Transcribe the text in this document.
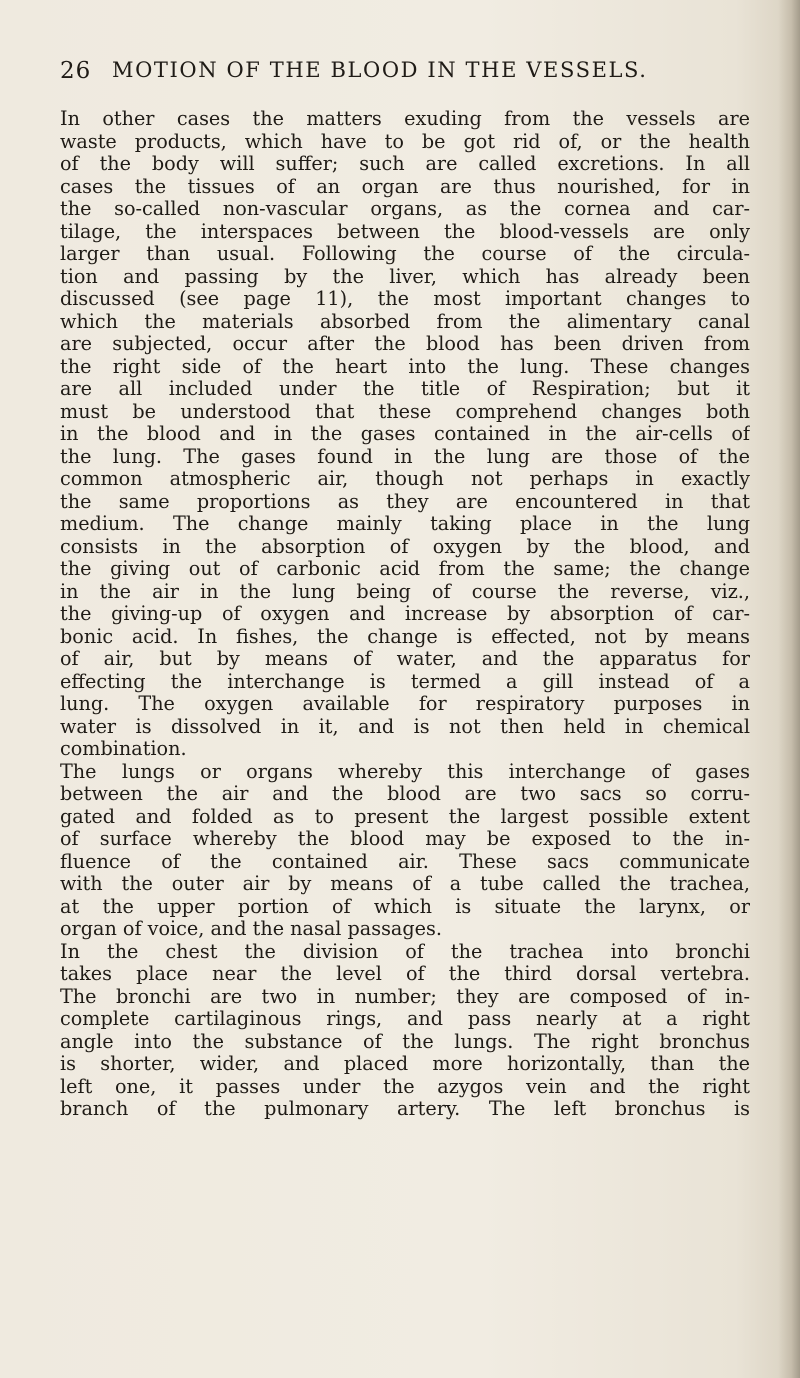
26 MOTION OF THE BLOOD IN THE VESSELS.
In other cases the matters exuding from the vessels are
waste products, which have to be got rid of, or the health
of the body will suffer; such are called excretions. In all
cases the tissues of an organ are thus nourished, for in
the so-called non-vascular organs, as the cornea and car-
tilage, the interspaces between the blood-vessels are only
larger than usual. Following the course of the circula-
tion and passing by the liver, which has already been
discussed (see page 11), the most important changes to
which the materials absorbed from the alimentary canal
are subjected, occur after the blood has been driven from
the right side of the heart into the lung. These changes
are all included under the title of Respiration; but it
must be understood that these comprehend changes both
in the blood and in the gases contained in the air-cells of
the lung. The gases found in the lung are those of the
common atmospheric air, though not perhaps in exactly
the same proportions as they are encountered in that
medium. The change mainly taking place in the lung
consists in the absorption of oxygen by the blood, and
the giving out of carbonic acid from the same; the change
in the air in the lung being of course the reverse, viz.,
the giving-up of oxygen and increase by absorption of car-
bonic acid. In fishes, the change is effected, not by means
of air, but by means of water, and the apparatus for
effecting the interchange is termed a gill instead of a
lung. The oxygen available for respiratory purposes in
water is dissolved in it, and is not then held in chemical
combination.
The lungs or organs whereby this interchange of gases
between the air and the blood are two sacs so corru-
gated and folded as to present the largest possible extent
of surface whereby the blood may be exposed to the in-
fluence of the contained air. These sacs communicate
with the outer air by means of a tube called the trachea,
at the upper portion of which is situate the larynx, or
organ of voice, and the nasal passages.
In the chest the division of the trachea into bronchi
takes place near the level of the third dorsal vertebra.
The bronchi are two in number; they are composed of in-
complete cartilaginous rings, and pass nearly at a right
angle into the substance of the lungs. The right bronchus
is shorter, wider, and placed more horizontally, than the
left one, it passes under the azygos vein and the right
branch of the pulmonary artery. The left bronchus is
